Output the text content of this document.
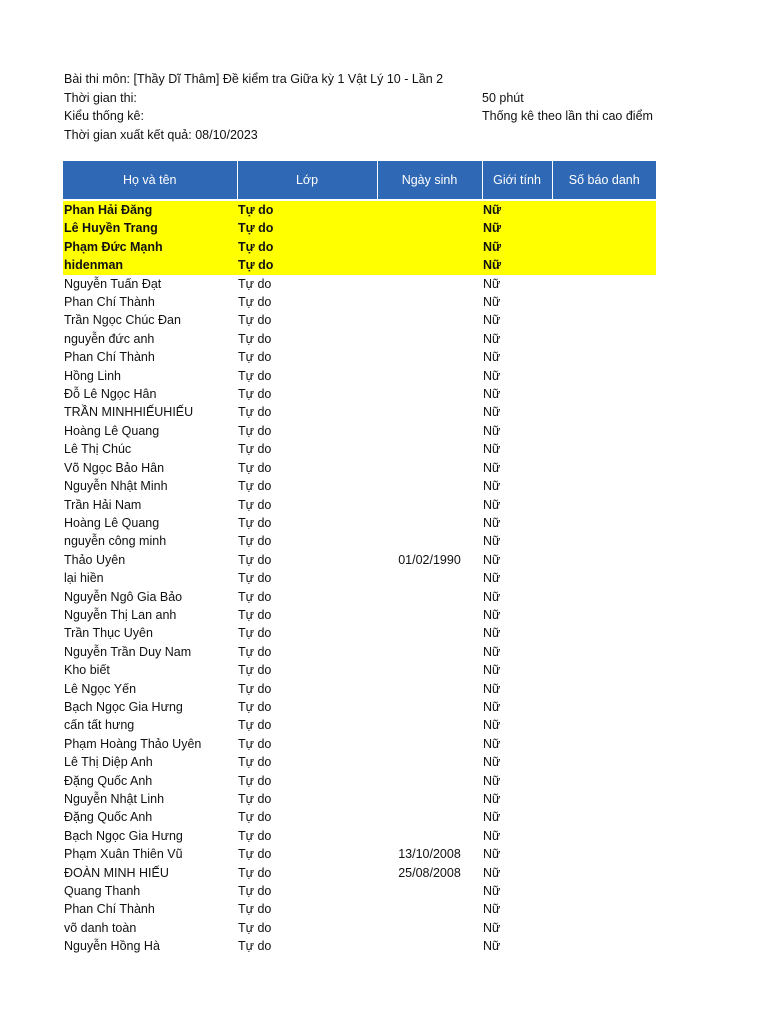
Bài thi môn: [Thầy Dĩ Thâm] Đề kiểm tra Giữa kỳ 1 Vật Lý 10 - Lần 2
Thời gian thi:	50 phút
Kiểu thống kê:	Thống kê theo lần thi cao điểm
Thời gian xuất kết quả: 08/10/2023
Họ và tên	Lớp	Ngày sinh	Giới tính	Số báo danh

Phan Hải Đăng	Tự do		Nữ	
Lê Huyền Trang	Tự do		Nữ	
Phạm Đức Mạnh	Tự do		Nữ	
hidenman	Tự do		Nữ	
Nguyễn Tuấn Đạt	Tự do		Nữ	
Phan Chí Thành	Tự do		Nữ	
Trần Ngọc Chúc Đan	Tự do		Nữ	
nguyễn đức anh	Tự do		Nữ	
Phan Chí Thành	Tự do		Nữ	
Hồng Linh	Tự do		Nữ	
Đỗ Lê Ngọc Hân	Tự do		Nữ	
TRẦN MINHHIẾUHIẾU	Tự do		Nữ	
Hoàng Lê Quang	Tự do		Nữ	
Lê Thị Chúc	Tự do		Nữ	
Võ Ngọc Bảo Hân	Tự do		Nữ	
Nguyễn Nhật Minh	Tự do		Nữ	
Trần Hải Nam	Tự do		Nữ	
Hoàng Lê Quang	Tự do		Nữ	
nguyễn công minh	Tự do		Nữ	
Thảo Uyên	Tự do	01/02/1990	Nữ	
lại hiền	Tự do		Nữ	
Nguyễn Ngô Gia Bảo	Tự do		Nữ	
Nguyễn Thị Lan anh	Tự do		Nữ	
Trần Thục Uyên	Tự do		Nữ	
Nguyễn Trần Duy Nam	Tự do		Nữ	
Kho biết	Tự do		Nữ	
Lê Ngọc Yến	Tự do		Nữ	
Bạch Ngọc Gia Hưng	Tự do		Nữ	
cấn tất hưng	Tự do		Nữ	
Phạm Hoàng Thảo Uyên	Tự do		Nữ	
Lê Thị Diệp Anh	Tự do		Nữ	
Đặng Quốc Anh	Tự do		Nữ	
Nguyễn Nhật Linh	Tự do		Nữ	
Đặng Quốc Anh	Tự do		Nữ	
Bạch Ngọc Gia Hưng	Tự do		Nữ	
Phạm Xuân Thiên Vũ	Tự do	13/10/2008	Nữ	
ĐOÀN MINH HIẾU	Tự do	25/08/2008	Nữ	
Quang Thanh	Tự do		Nữ	
Phan Chí Thành	Tự do		Nữ	
võ danh toàn	Tự do		Nữ	
Nguyễn Hồng Hà	Tự do		Nữ	
